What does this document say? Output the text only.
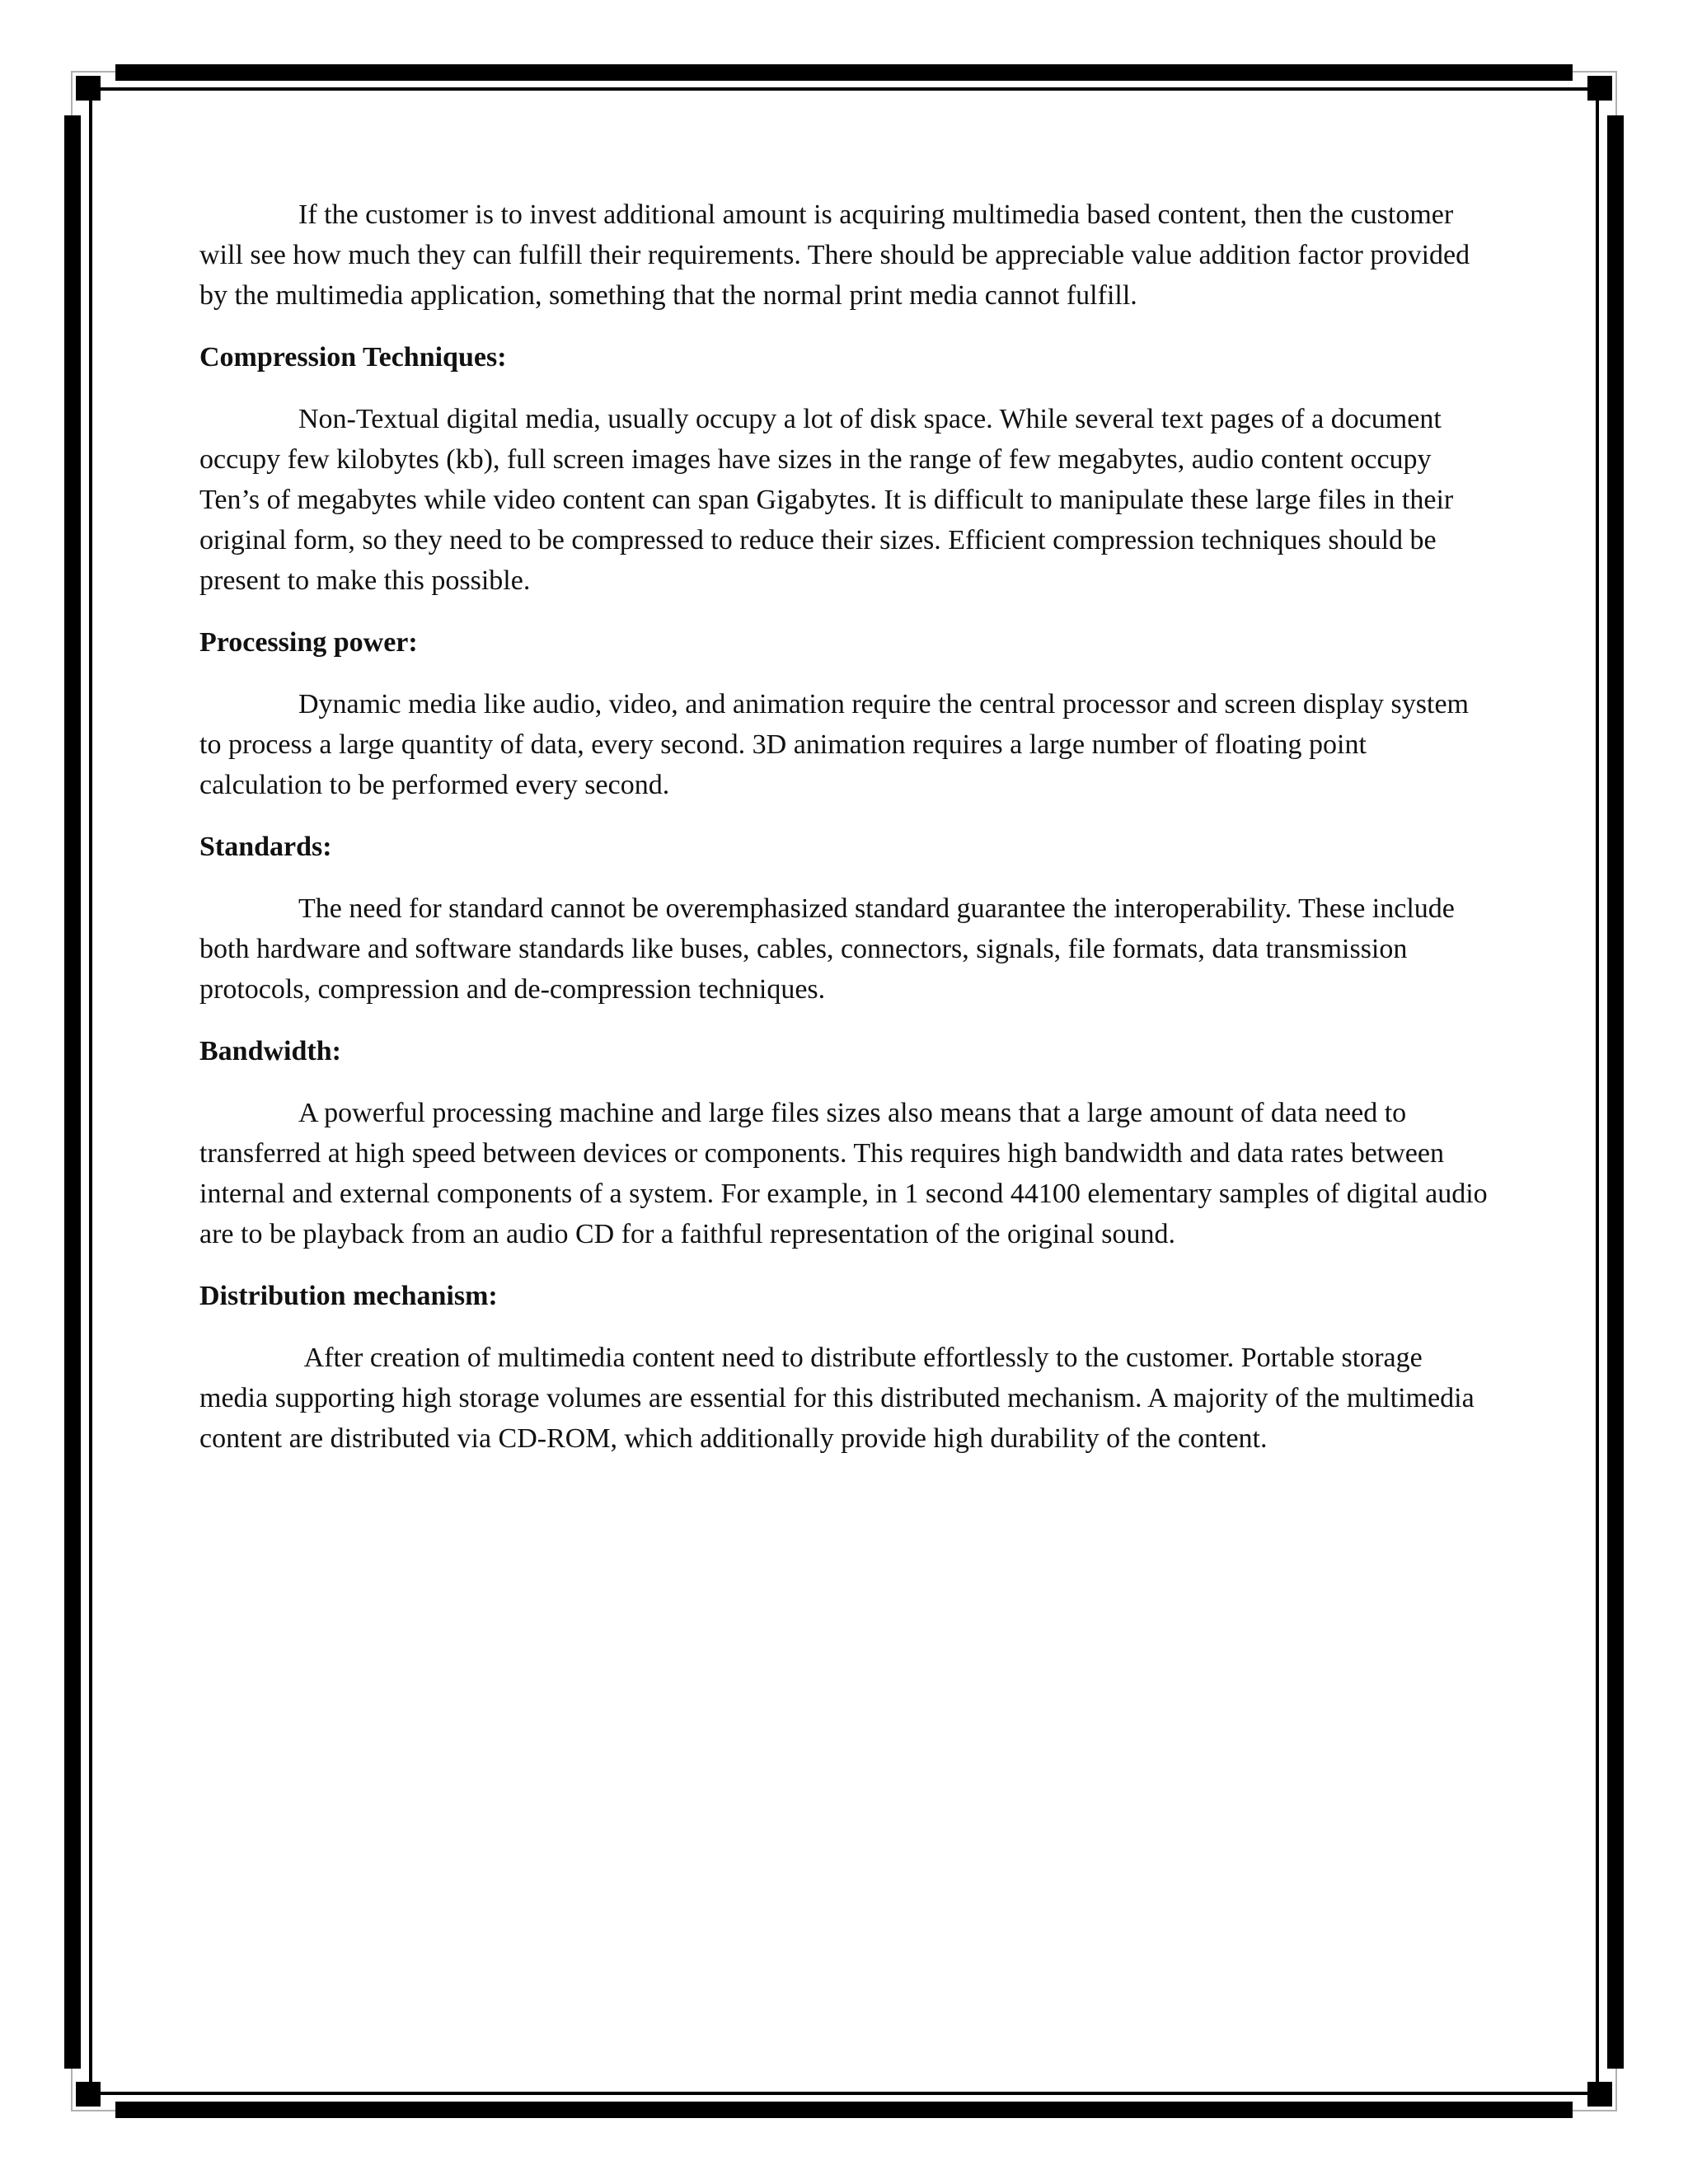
If the customer is to invest additional amount is acquiring multimedia based content, then the customer will see how much they can fulfill their requirements. There should be appreciable value addition factor provided by the multimedia application, something that the normal print media cannot fulfill.

Compression Techniques:

Non-Textual digital media, usually occupy a lot of disk space. While several text pages of a document occupy few kilobytes (kb), full screen images have sizes in the range of few megabytes, audio content occupy Ten’s of megabytes while video content can span Gigabytes. It is difficult to manipulate these large files in their original form, so they need to be compressed to reduce their sizes. Efficient compression techniques should be present to make this possible.

Processing power:

Dynamic media like audio, video, and animation require the central processor and screen display system to process a large quantity of data, every second. 3D animation requires a large number of floating point calculation to be performed every second.

Standards:

The need for standard cannot be overemphasized standard guarantee the interoperability. These include both hardware and software standards like buses, cables, connectors, signals, file formats, data transmission protocols, compression and de-compression techniques.

Bandwidth:

A powerful processing machine and large files sizes also means that a large amount of data need to transferred at high speed between devices or components. This requires high bandwidth and data rates between internal and external components of a system. For example, in 1 second 44100 elementary samples of digital audio are to be playback from an audio CD for a faithful representation of the original sound.

Distribution mechanism:

After creation of multimedia content need to distribute effortlessly to the customer. Portable storage media supporting high storage volumes are essential for this distributed mechanism. A majority of the multimedia content are distributed via CD-ROM, which additionally provide high durability of the content.
